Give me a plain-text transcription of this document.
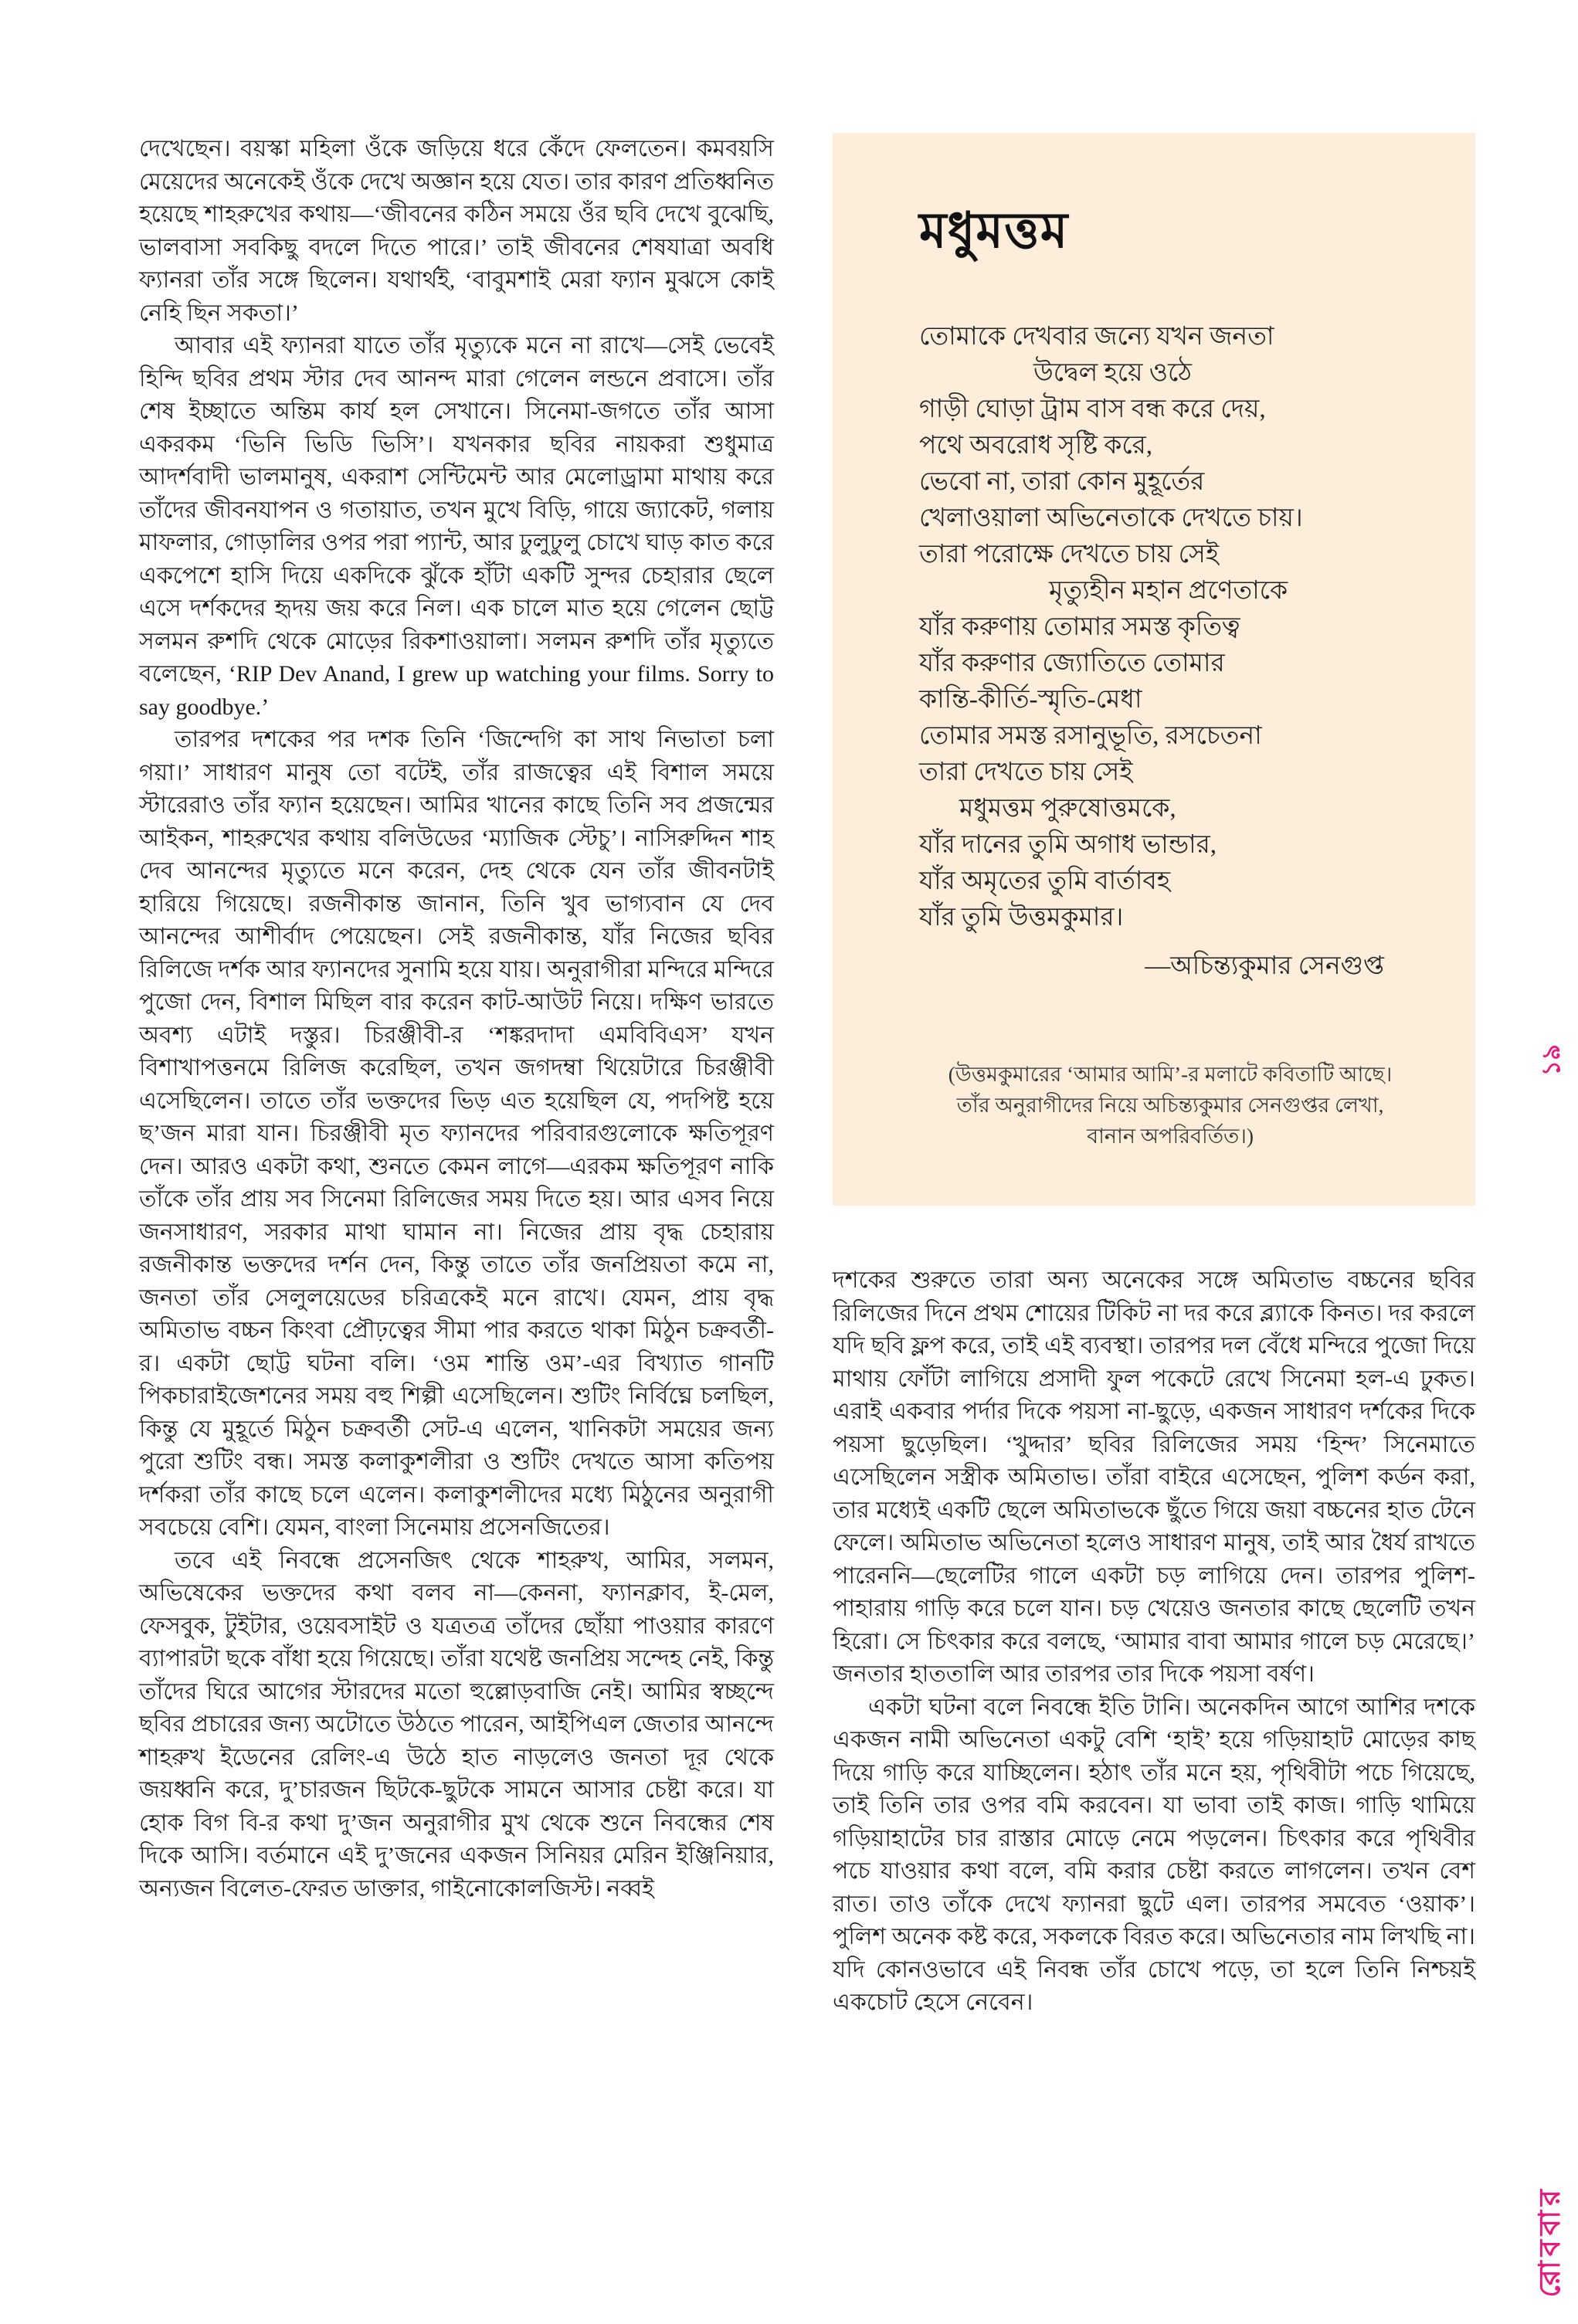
দেখেছেন। বয়স্কা মহিলা ওঁকে জড়িয়ে ধরে কেঁদে ফেলতেন। কমবয়সি মেয়েদের অনেকেই ওঁকে দেখে অজ্ঞান হয়ে যেত। তার কারণ প্রতিধ্বনিত হয়েছে শাহরুখের কথায়—‘জীবনের কঠিন সময়ে ওঁর ছবি দেখে বুঝেছি, ভালবাসা সবকিছু বদলে দিতে পারে।’ তাই জীবনের শেষযাত্রা অবধি ফ্যানরা তাঁর সঙ্গে ছিলেন। যথার্থই, ‘বাবুমশাই মেরা ফ্যান মুঝসে কোই নেহি ছিন সকতা।’

আবার এই ফ্যানরা যাতে তাঁর মৃত্যুকে মনে না রাখে—সেই ভেবেই হিন্দি ছবির প্রথম স্টার দেব আনন্দ মারা গেলেন লন্ডনে প্রবাসে। তাঁর শেষ ইচ্ছাতে অন্তিম কার্য হল সেখানে। সিনেমা-জগতে তাঁর আসা একরকম ‘ভিনি ভিডি ভিসি’। যখনকার ছবির নায়করা শুধুমাত্র আদর্শবাদী ভালমানুষ, একরাশ সেন্টিমেন্ট আর মেলোড্রামা মাথায় করে তাঁদের জীবনযাপন ও গতায়াত, তখন মুখে বিড়ি, গায়ে জ্যাকেট, গলায় মাফলার, গোড়ালির ওপর পরা প্যান্ট, আর ঢুলুঢুলু চোখে ঘাড় কাত করে একপেশে হাসি দিয়ে একদিকে ঝুঁকে হাঁটা একটি সুন্দর চেহারার ছেলে এসে দর্শকদের হৃদয় জয় করে নিল। এক চালে মাত হয়ে গেলেন ছোট্ট সলমন রুশদি থেকে মোড়ের রিকশাওয়ালা। সলমন রুশদি তাঁর মৃত্যুতে বলেছেন, ‘RIP Dev Anand, I grew up watching your films. Sorry to say goodbye.’

তারপর দশকের পর দশক তিনি ‘জিন্দেগি কা সাথ নিভাতা চলা গয়া।’ সাধারণ মানুষ তো বটেই, তাঁর রাজত্বের এই বিশাল সময়ে স্টারেরাও তাঁর ফ্যান হয়েছেন। আমির খানের কাছে তিনি সব প্রজন্মের আইকন, শাহরুখের কথায় বলিউডের ‘ম্যাজিক স্টেচু’। নাসিরুদ্দিন শাহ দেব আনন্দের মৃত্যুতে মনে করেন, দেহ থেকে যেন তাঁর জীবনটাই হারিয়ে গিয়েছে। রজনীকান্ত জানান, তিনি খুব ভাগ্যবান যে দেব আনন্দের আশীর্বাদ পেয়েছেন। সেই রজনীকান্ত, যাঁর নিজের ছবির রিলিজে দর্শক আর ফ্যানদের সুনামি হয়ে যায়। অনুরাগীরা মন্দিরে মন্দিরে পুজো দেন, বিশাল মিছিল বার করেন কাট-আউট নিয়ে। দক্ষিণ ভারতে অবশ্য এটাই দস্তুর। চিরঞ্জীবী-র ‘শঙ্করদাদা এমবিবিএস’ যখন বিশাখাপত্তনমে রিলিজ করেছিল, তখন জগদম্বা থিয়েটারে চিরঞ্জীবী এসেছিলেন। তাতে তাঁর ভক্তদের ভিড় এত হয়েছিল যে, পদপিষ্ট হয়ে ছ’জন মারা যান। চিরঞ্জীবী মৃত ফ্যানদের পরিবারগুলোকে ক্ষতিপূরণ দেন। আরও একটা কথা, শুনতে কেমন লাগে—এরকম ক্ষতিপূরণ নাকি তাঁকে তাঁর প্রায় সব সিনেমা রিলিজের সময় দিতে হয়। আর এসব নিয়ে জনসাধারণ, সরকার মাথা ঘামান না। নিজের প্রায় বৃদ্ধ চেহারায় রজনীকান্ত ভক্তদের দর্শন দেন, কিন্তু তাতে তাঁর জনপ্রিয়তা কমে না, জনতা তাঁর সেলুলয়েডের চরিত্রকেই মনে রাখে। যেমন, প্রায় বৃদ্ধ অমিতাভ বচ্চন কিংবা প্রৌঢ়ত্বের সীমা পার করতে থাকা মিঠুন চক্রবর্তী-র। একটা ছোট্ট ঘটনা বলি। ‘ওম শান্তি ওম’-এর বিখ্যাত গানটি পিকচারাইজেশনের সময় বহু শিল্পী এসেছিলেন। শুটিং নির্বিঘ্নে চলছিল, কিন্তু যে মুহূর্তে মিঠুন চক্রবর্তী সেট-এ এলেন, খানিকটা সময়ের জন্য পুরো শুটিং বন্ধ। সমস্ত কলাকুশলীরা ও শুটিং দেখতে আসা কতিপয় দর্শকরা তাঁর কাছে চলে এলেন। কলাকুশলীদের মধ্যে মিঠুনের অনুরাগী সবচেয়ে বেশি। যেমন, বাংলা সিনেমায় প্রসেনজিতের।

তবে এই নিবন্ধে প্রসেনজিৎ থেকে শাহরুখ, আমির, সলমন, অভিষেকের ভক্তদের কথা বলব না—কেননা, ফ্যানক্লাব, ই-মেল, ফেসবুক, টুইটার, ওয়েবসাইট ও যত্রতত্র তাঁদের ছোঁয়া পাওয়ার কারণে ব্যাপারটা ছকে বাঁধা হয়ে গিয়েছে। তাঁরা যথেষ্ট জনপ্রিয় সন্দেহ নেই, কিন্তু তাঁদের ঘিরে আগের স্টারদের মতো হুল্লোড়বাজি নেই। আমির স্বচ্ছন্দে ছবির প্রচারের জন্য অটোতে উঠতে পারেন, আইপিএল জেতার আনন্দে শাহরুখ ইডেনের রেলিং-এ উঠে হাত নাড়লেও জনতা দূর থেকে জয়ধ্বনি করে, দু’চারজন ছিটকে-ছুটকে সামনে আসার চেষ্টা করে। যা হোক বিগ বি-র কথা দু’জন অনুরাগীর মুখ থেকে শুনে নিবন্ধের শেষ দিকে আসি। বর্তমানে এই দু’জনের একজন সিনিয়র মেরিন ইঞ্জিনিয়ার, অন্যজন বিলেত-ফেরত ডাক্তার, গাইনোকোলজিস্ট। নব্বই

মধুমত্তম
তোমাকে দেখবার জন্যে যখন জনতা
উদ্বেল হয়ে ওঠে
গাড়ী ঘোড়া ট্রাম বাস বন্ধ করে দেয়,
পথে অবরোধ সৃষ্টি করে,
ভেবো না, তারা কোন মুহূর্তের
খেলাওয়ালা অভিনেতাকে দেখতে চায়।
তারা পরোক্ষে দেখতে চায় সেই
মৃত্যুহীন মহান প্রণেতাকে
যাঁর করুণায় তোমার সমস্ত কৃতিত্ব
যাঁর করুণার জ্যোতিতে তোমার
কান্তি-কীর্তি-স্মৃতি-মেধা
তোমার সমস্ত রসানুভূতি, রসচেতনা
তারা দেখতে চায় সেই
মধুমত্তম পুরুষোত্তমকে,
যাঁর দানের তুমি অগাধ ভান্ডার,
যাঁর অমৃতের তুমি বার্তাবহ
যাঁর তুমি উত্তমকুমার।
—অচিন্ত্যকুমার সেনগুপ্ত
(উত্তমকুমারের ‘আমার আমি’-র মলাটে কবিতাটি আছে।
তাঁর অনুরাগীদের নিয়ে অচিন্ত্যকুমার সেনগুপ্তর লেখা,
বানান অপরিবর্তিত।)

দশকের শুরুতে তারা অন্য অনেকের সঙ্গে অমিতাভ বচ্চনের ছবির রিলিজের দিনে প্রথম শোয়ের টিকিট না দর করে ব্ল্যাকে কিনত। দর করলে যদি ছবি ফ্লপ করে, তাই এই ব্যবস্থা। তারপর দল বেঁধে মন্দিরে পুজো দিয়ে মাথায় ফোঁটা লাগিয়ে প্রসাদী ফুল পকেটে রেখে সিনেমা হল-এ ঢুকত। এরাই একবার পর্দার দিকে পয়সা না-ছুড়ে, একজন সাধারণ দর্শকের দিকে পয়সা ছুড়েছিল। ‘খুদ্দার’ ছবির রিলিজের সময় ‘হিন্দ’ সিনেমাতে এসেছিলেন সস্ত্রীক অমিতাভ। তাঁরা বাইরে এসেছেন, পুলিশ কর্ডন করা, তার মধ্যেই একটি ছেলে অমিতাভকে ছুঁতে গিয়ে জয়া বচ্চনের হাত টেনে ফেলে। অমিতাভ অভিনেতা হলেও সাধারণ মানুষ, তাই আর ধৈর্য রাখতে পারেননি—ছেলেটির গালে একটা চড় লাগিয়ে দেন। তারপর পুলিশ-পাহারায় গাড়ি করে চলে যান। চড় খেয়েও জনতার কাছে ছেলেটি তখন হিরো। সে চিৎকার করে বলছে, ‘আমার বাবা আমার গালে চড় মেরেছে।’ জনতার হাততালি আর তারপর তার দিকে পয়সা বর্ষণ।

একটা ঘটনা বলে নিবন্ধে ইতি টানি। অনেকদিন আগে আশির দশকে একজন নামী অভিনেতা একটু বেশি ‘হাই’ হয়ে গড়িয়াহাট মোড়ের কাছ দিয়ে গাড়ি করে যাচ্ছিলেন। হঠাৎ তাঁর মনে হয়, পৃথিবীটা পচে গিয়েছে, তাই তিনি তার ওপর বমি করবেন। যা ভাবা তাই কাজ। গাড়ি থামিয়ে গড়িয়াহাটের চার রাস্তার মোড়ে নেমে পড়লেন। চিৎকার করে পৃথিবীর পচে যাওয়ার কথা বলে, বমি করার চেষ্টা করতে লাগলেন। তখন বেশ রাত। তাও তাঁকে দেখে ফ্যানরা ছুটে এল। তারপর সমবেত ‘ওয়াক’। পুলিশ অনেক কষ্ট করে, সকলকে বিরত করে। অভিনেতার নাম লিখছি না। যদি কোনওভাবে এই নিবন্ধ তাঁর চোখে পড়ে, তা হলে তিনি নিশ্চয়ই একচোট হেসে নেবেন।

১৯
রোববার
